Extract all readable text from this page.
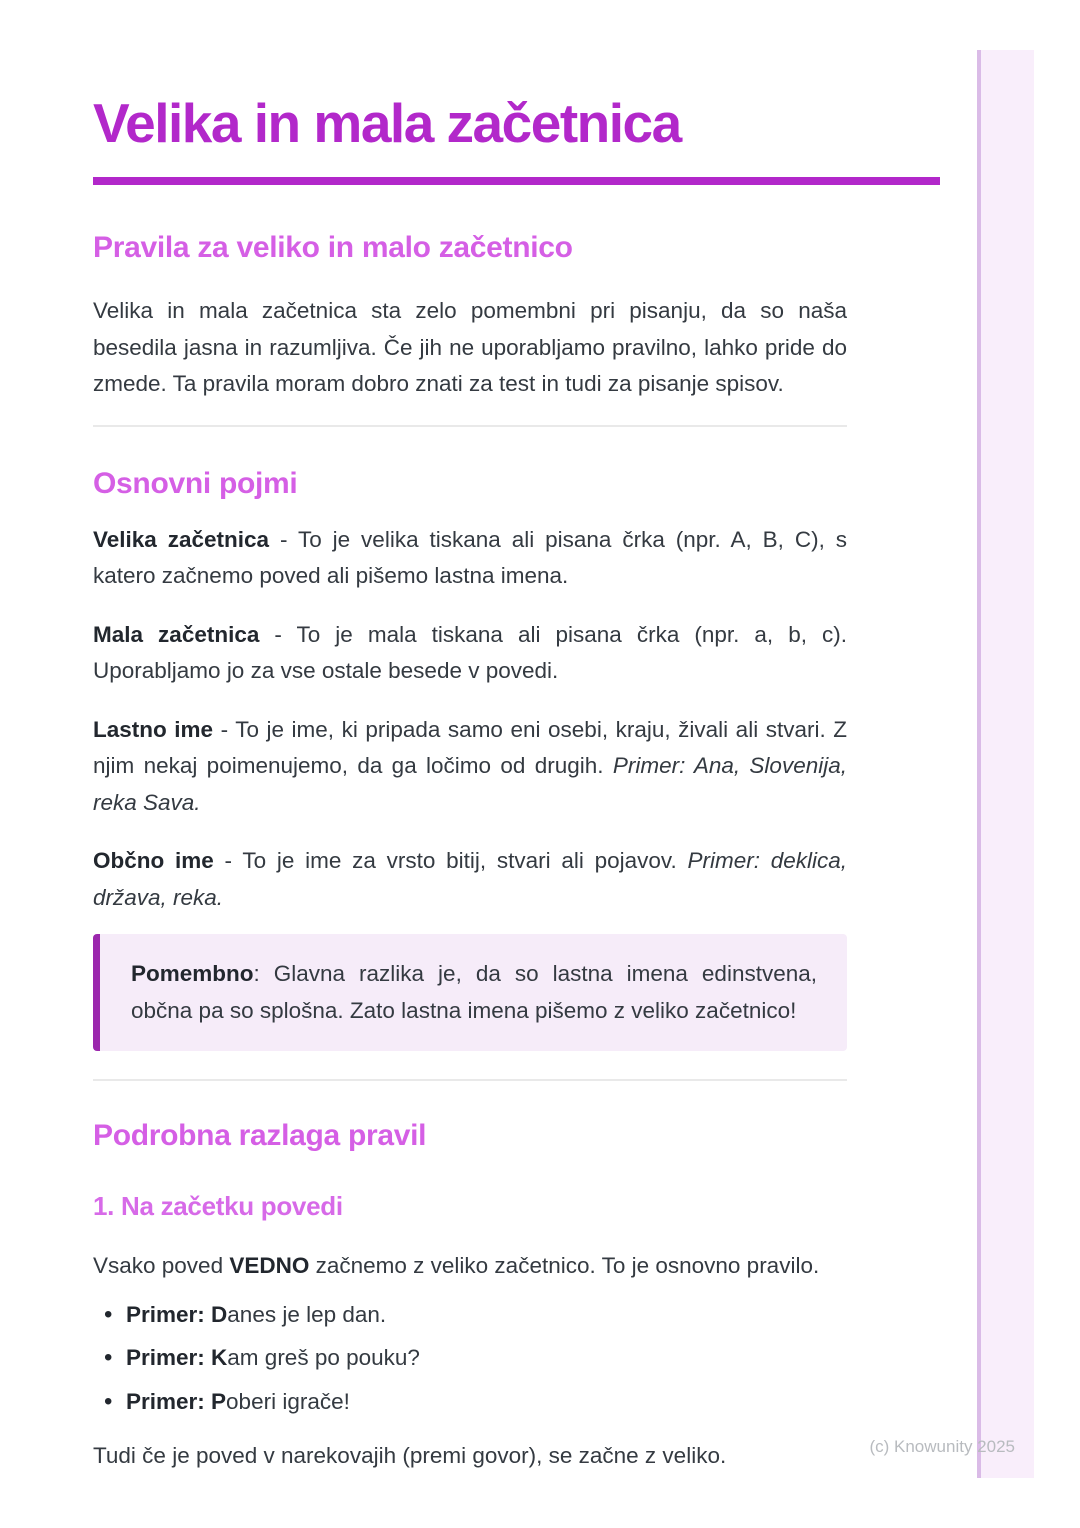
Velika in mala začetnica
Pravila za veliko in malo začetnico

Velika in mala začetnica sta zelo pomembni pri pisanju, da so naša besedila jasna in razumljiva. Če jih ne uporabljamo pravilno, lahko pride do zmede. Ta pravila moram dobro znati za test in tudi za pisanje spisov.

Osnovni pojmi

Velika začetnica - To je velika tiskana ali pisana črka (npr. A, B, C), s katero začnemo poved ali pišemo lastna imena.

Mala začetnica - To je mala tiskana ali pisana črka (npr. a, b, c). Uporabljamo jo za vse ostale besede v povedi.

Lastno ime - To je ime, ki pripada samo eni osebi, kraju, živali ali stvari. Z njim nekaj poimenujemo, da ga ločimo od drugih. Primer: Ana, Slovenija, reka Sava.

Občno ime - To je ime za vrsto bitij, stvari ali pojavov. Primer: deklica, država, reka.

Pomembno: Glavna razlika je, da so lastna imena edinstvena, občna pa so splošna. Zato lastna imena pišemo z veliko začetnico!

Podrobna razlaga pravil
1. Na začetku povedi

Vsako poved VEDNO začnemo z veliko začetnico. To je osnovno pravilo.

• Primer: Danes je lep dan.
• Primer: Kam greš po pouku?
• Primer: Poberi igrače!

Tudi če je poved v narekovajih (premi govor), se začne z veliko.	(c) Knowunity 2025
